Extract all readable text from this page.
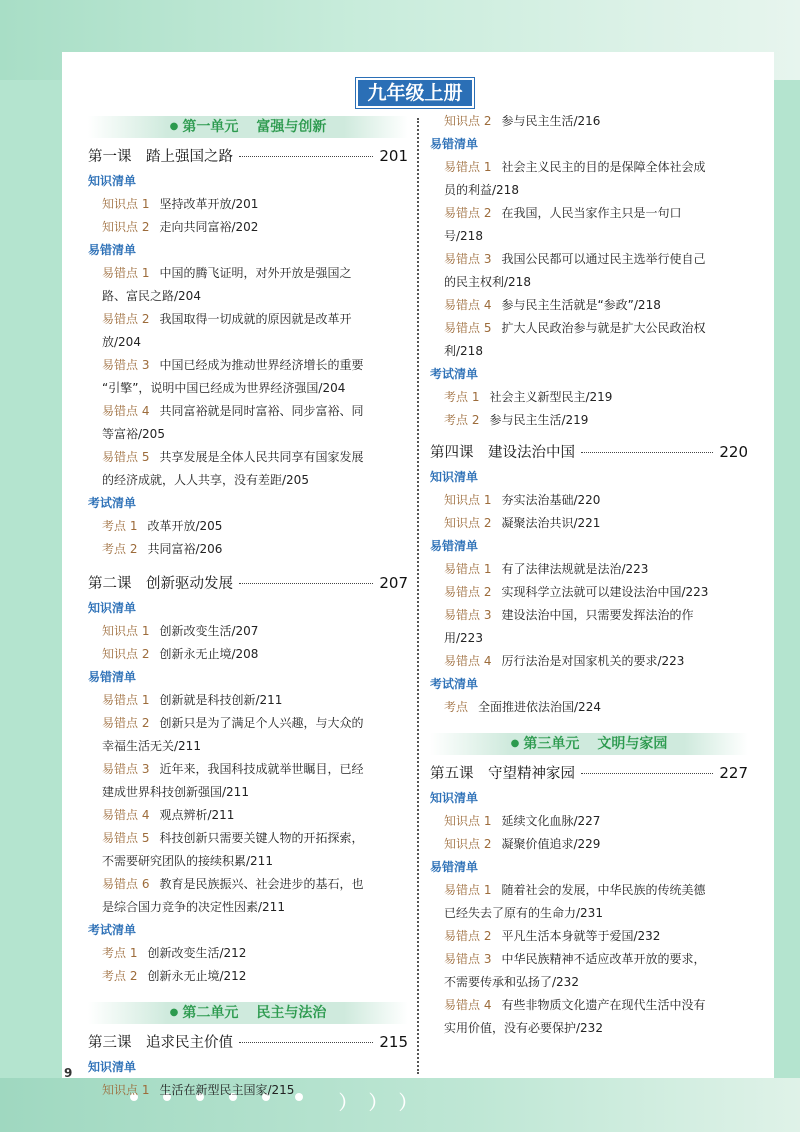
﹚﹚﹚
九年级上册
● 第一单元 富强与创新
第一课　踏上强国之路	201
知识清单
知识点 1 坚持改革开放/201
知识点 2 走向共同富裕/202
易错清单
易错点 1 中国的腾飞证明，对外开放是强国之
路、富民之路/204
易错点 2 我国取得一切成就的原因就是改革开
放/204
易错点 3 中国已经成为推动世界经济增长的重要
“引擎”，说明中国已经成为世界经济强国/204
易错点 4 共同富裕就是同时富裕、同步富裕、同
等富裕/205
易错点 5 共享发展是全体人民共同享有国家发展
的经济成就，人人共享，没有差距/205
考试清单
考点 1 改革开放/205
考点 2 共同富裕/206
第二课　创新驱动发展	207
知识清单
知识点 1 创新改变生活/207
知识点 2 创新永无止境/208
易错清单
易错点 1 创新就是科技创新/211
易错点 2 创新只是为了满足个人兴趣，与大众的
幸福生活无关/211
易错点 3 近年来，我国科技成就举世瞩目，已经
建成世界科技创新强国/211
易错点 4 观点辨析/211
易错点 5 科技创新只需要关键人物的开拓探索，
不需要研究团队的接续积累/211
易错点 6 教育是民族振兴、社会进步的基石，也
是综合国力竞争的决定性因素/211
考试清单
考点 1 创新改变生活/212
考点 2 创新永无止境/212
● 第二单元 民主与法治
第三课　追求民主价值	215
知识清单
知识点 1 生活在新型民主国家/215
知识点 2 参与民主生活/216
易错清单
易错点 1 社会主义民主的目的是保障全体社会成
员的利益/218
易错点 2 在我国，人民当家作主只是一句口
号/218
易错点 3 我国公民都可以通过民主选举行使自己
的民主权利/218
易错点 4 参与民主生活就是“参政”/218
易错点 5 扩大人民政治参与就是扩大公民政治权
利/218
考试清单
考点 1 社会主义新型民主/219
考点 2 参与民主生活/219
第四课　建设法治中国	220
知识清单
知识点 1 夯实法治基础/220
知识点 2 凝聚法治共识/221
易错清单
易错点 1 有了法律法规就是法治/223
易错点 2 实现科学立法就可以建设法治中国/223
易错点 3 建设法治中国，只需要发挥法治的作
用/223
易错点 4 厉行法治是对国家机关的要求/223
考试清单
考点 全面推进依法治国/224
● 第三单元 文明与家园
第五课　守望精神家园	227
知识清单
知识点 1 延续文化血脉/227
知识点 2 凝聚价值追求/229
易错清单
易错点 1 随着社会的发展，中华民族的传统美德
已经失去了原有的生命力/231
易错点 2 平凡生活本身就等于爱国/232
易错点 3 中华民族精神不适应改革开放的要求，
不需要传承和弘扬了/232
易错点 4 有些非物质文化遗产在现代生活中没有
实用价值，没有必要保护/232
9
